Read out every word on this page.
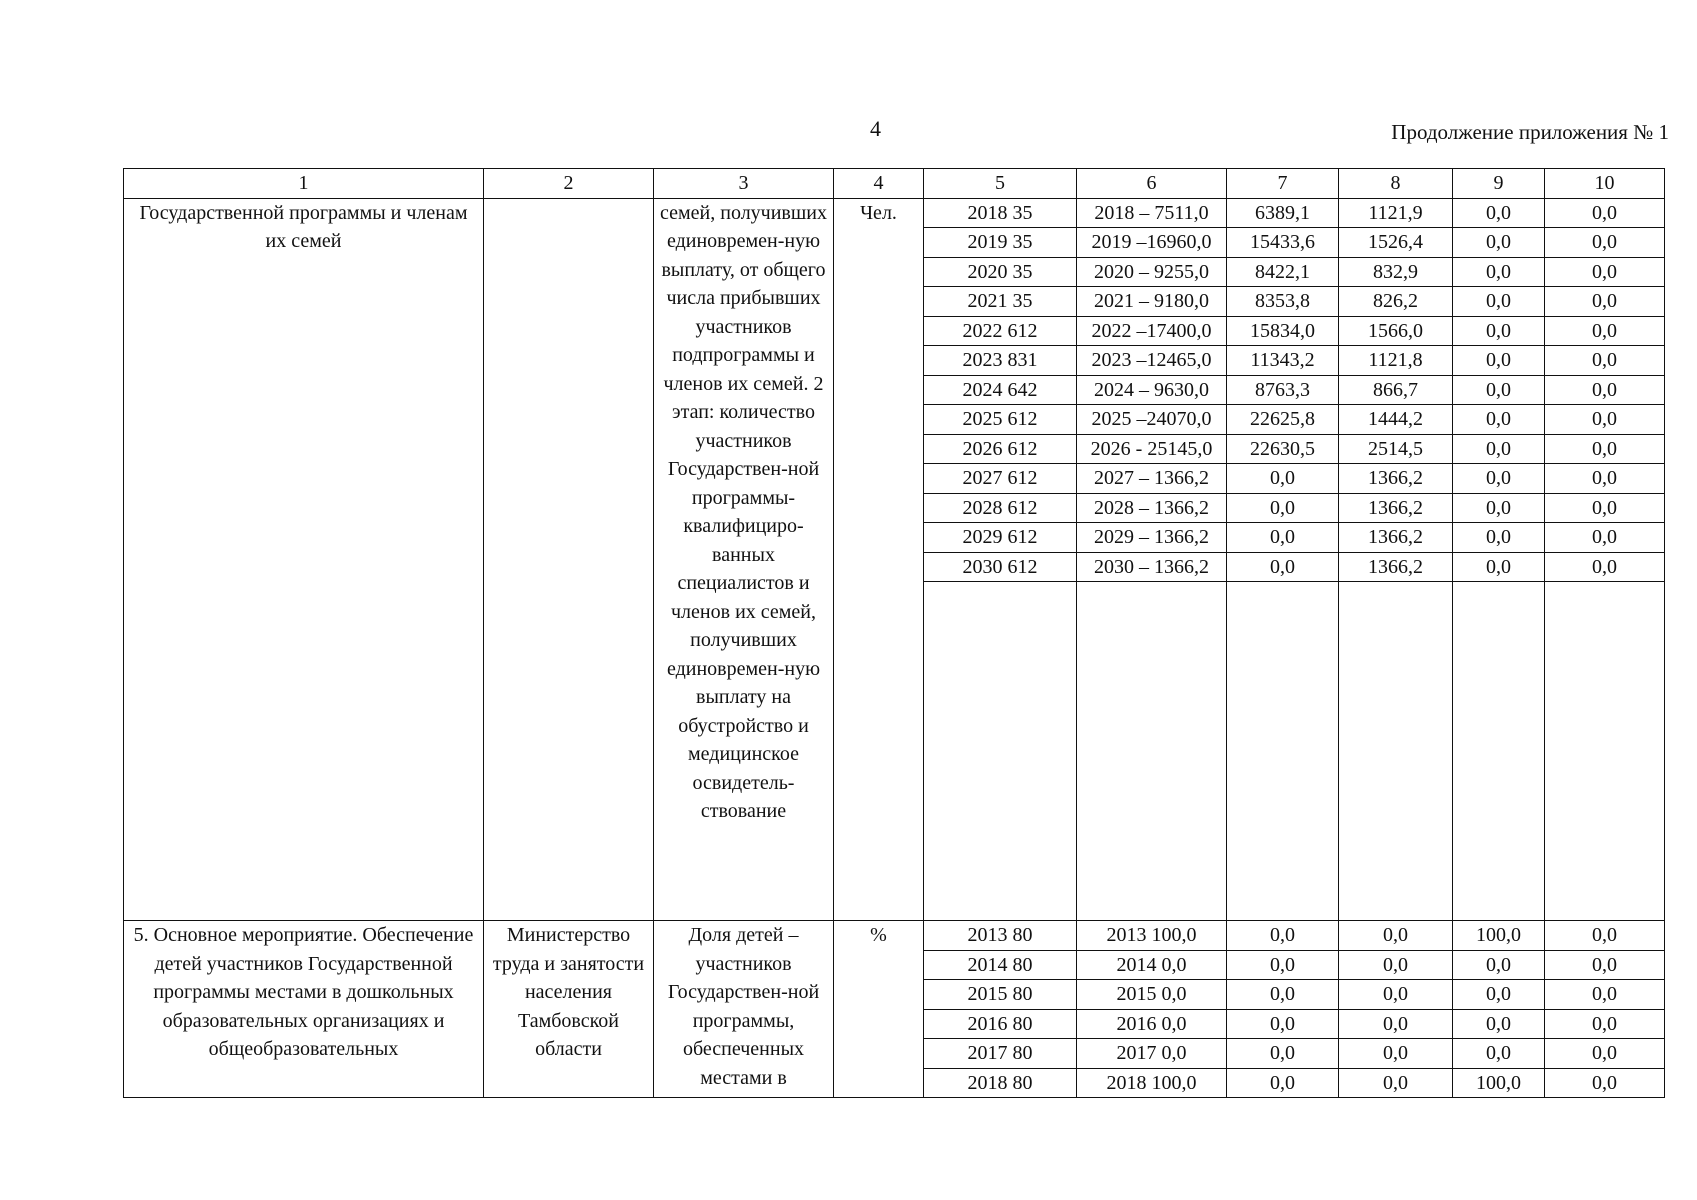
4	Продолжение приложения № 1
1	2	3	4	5	6	7	8	9	10
Государственной программы и членам их семей		семей, получивших единовремен-ную выплату, от общего числа прибывших участников подпрограммы и членов их семей. 2 этап: количество участников Государствен-ной программы-квалифициро-ванных специалистов и членов их семей, получивших единовремен-ную выплату на обустройство и медицинское освидетель-ствование	Чел.	2018 35	2018 – 7511,0	6389,1	1121,9	0,0	0,0
				2019 35	2019 –16960,0	15433,6	1526,4	0,0	0,0
				2020 35	2020 – 9255,0	8422,1	832,9	0,0	0,0
				2021 35	2021 – 9180,0	8353,8	826,2	0,0	0,0
				2022 612	2022 –17400,0	15834,0	1566,0	0,0	0,0
				2023 831	2023 –12465,0	11343,2	1121,8	0,0	0,0
				2024 642	2024 – 9630,0	8763,3	866,7	0,0	0,0
				2025 612	2025 –24070,0	22625,8	1444,2	0,0	0,0
				2026 612	2026 - 25145,0	22630,5	2514,5	0,0	0,0
				2027 612	2027 – 1366,2	0,0	1366,2	0,0	0,0
				2028 612	2028 – 1366,2	0,0	1366,2	0,0	0,0
				2029 612	2029 – 1366,2	0,0	1366,2	0,0	0,0
				2030 612	2030 – 1366,2	0,0	1366,2	0,0	0,0

5. Основное мероприятие. Обеспечение детей участников Государственной программы местами в дошкольных образовательных организациях и общеобразовательных	Министерство труда и занятости населения Тамбовской области	Доля детей – участников Государствен-ной программы, обеспеченных местами в	%	2013 80	2013 100,0	0,0	0,0	100,0	0,0
				2014 80	2014 0,0	0,0	0,0	0,0	0,0
				2015 80	2015 0,0	0,0	0,0	0,0	0,0
				2016 80	2016 0,0	0,0	0,0	0,0	0,0
				2017 80	2017 0,0	0,0	0,0	0,0	0,0
				2018 80	2018 100,0	0,0	0,0	100,0	0,0
